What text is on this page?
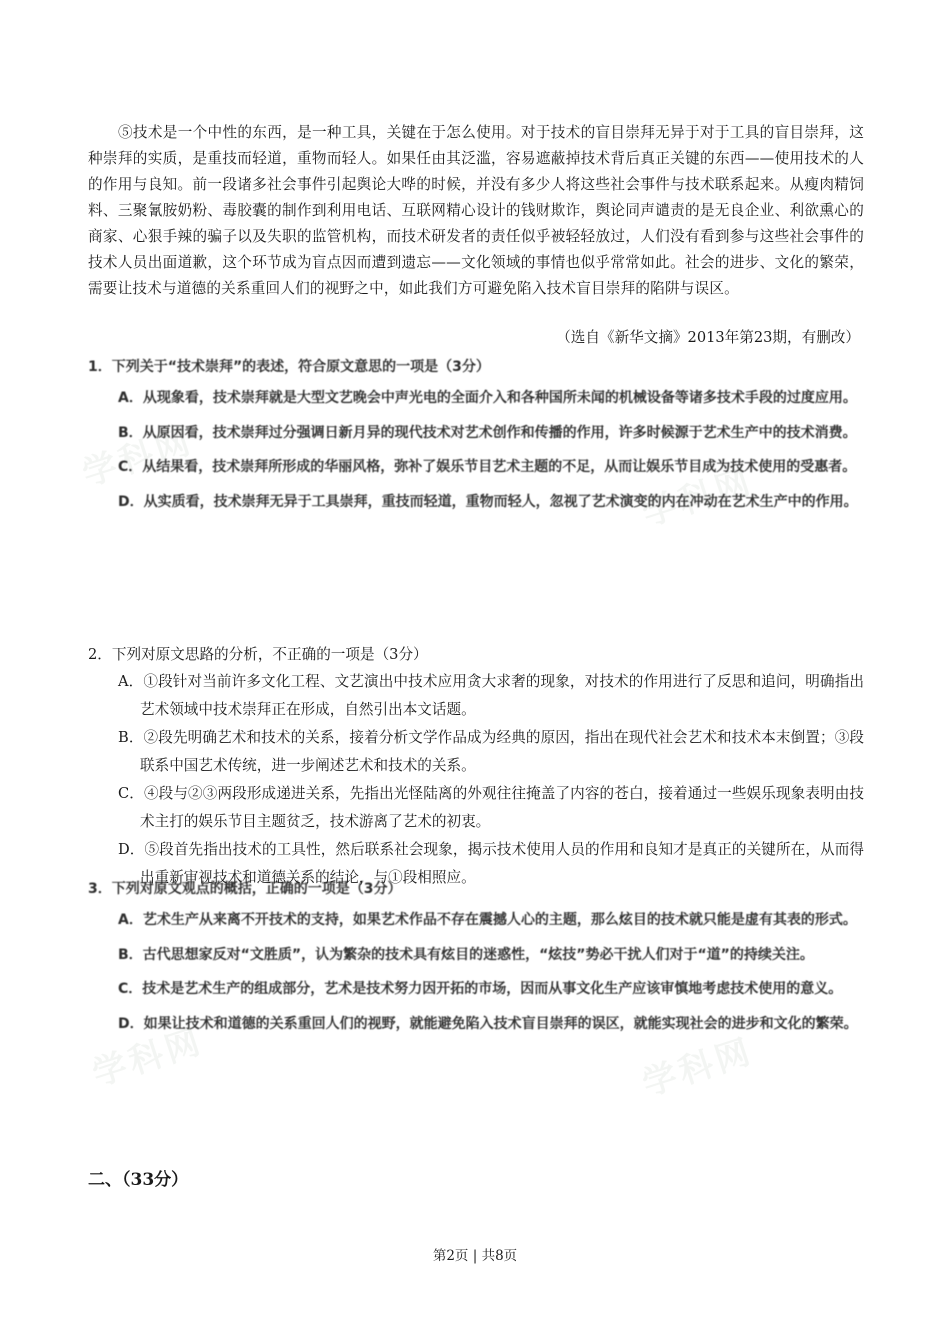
学科网
学科网
学科网	学科网
⑤技术是一个中性的东西，是一种工具，关键在于怎么使用。对于技术的盲目崇拜无异于对于工具的盲目崇拜，这种崇拜的实质，是重技而轻道，重物而轻人。如果任由其泛滥，容易遮蔽掉技术背后真正关键的东西——使用技术的人的作用与良知。前一段诸多社会事件引起舆论大哗的时候，并没有多少人将这些社会事件与技术联系起来。从瘦肉精饲料、三聚氰胺奶粉、毒胶囊的制作到利用电话、互联网精心设计的钱财欺诈，舆论同声谴责的是无良企业、利欲熏心的商家、心狠手辣的骗子以及失职的监管机构，而技术研发者的责任似乎被轻轻放过，人们没有看到参与这些社会事件的技术人员出面道歉，这个环节成为盲点因而遭到遗忘——文化领域的事情也似乎常常如此。社会的进步、文化的繁荣，需要让技术与道德的关系重回人们的视野之中，如此我们方可避免陷入技术盲目崇拜的陷阱与误区。
（选自《新华文摘》2013年第23期，有删改）
1．下列关于“技术崇拜”的表述，符合原文意思的一项是（3分）
A．从现象看，技术崇拜就是大型文艺晚会中声光电的全面介入和各种国所未闻的机械设备等诸多技术手段的过度应用。
B．从原因看，技术崇拜过分强调日新月异的现代技术对艺术创作和传播的作用，许多时候源于艺术生产中的技术消费。
C．从结果看，技术崇拜所形成的华丽风格，弥补了娱乐节目艺术主题的不足，从而让娱乐节目成为技术使用的受惠者。
D．从实质看，技术崇拜无异于工具崇拜，重技而轻道，重物而轻人，忽视了艺术演变的内在冲动在艺术生产中的作用。
2．下列对原文思路的分析，不正确的一项是（3分）
A．①段针对当前许多文化工程、文艺演出中技术应用贪大求奢的现象，对技术的作用进行了反思和追问，明确指出艺术领域中技术崇拜正在形成，自然引出本文话题。
B．②段先明确艺术和技术的关系，接着分析文学作品成为经典的原因，指出在现代社会艺术和技术本末倒置；③段联系中国艺术传统，进一步阐述艺术和技术的关系。
C．④段与②③两段形成递进关系，先指出光怪陆离的外观往往掩盖了内容的苍白，接着通过一些娱乐现象表明由技术主打的娱乐节目主题贫乏，技术游离了艺术的初衷。
D．⑤段首先指出技术的工具性，然后联系社会现象，揭示技术使用人员的作用和良知才是真正的关键所在，从而得出重新审视技术和道德关系的结论，与①段相照应。
3．下列对原文观点的概括，正确的一项是（3分）
A．艺术生产从来离不开技术的支持，如果艺术作品不存在震撼人心的主题，那么炫目的技术就只能是虚有其表的形式。
B．古代思想家反对“文胜质”，认为繁杂的技术具有炫目的迷惑性，“炫技”势必干扰人们对于“道”的持续关注。
C．技术是艺术生产的组成部分，艺术是技术努力因开拓的市场，因而从事文化生产应该审慎地考虑技术使用的意义。
D．如果让技术和道德的关系重回人们的视野，就能避免陷入技术盲目崇拜的误区，就能实现社会的进步和文化的繁荣。
二、（33分）
第2页 | 共8页
